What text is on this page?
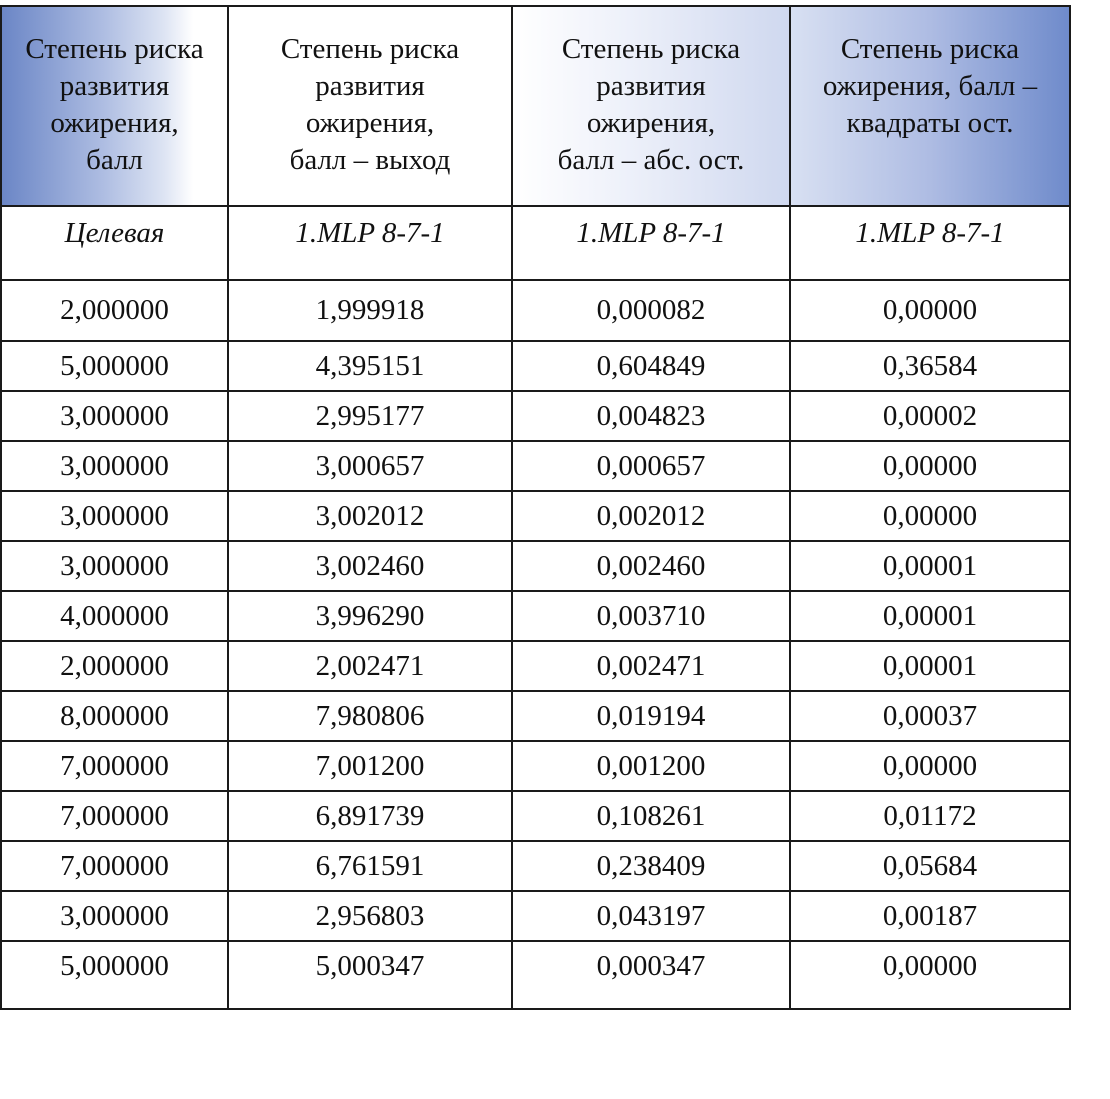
Степень риска
развития
ожирения,
балл	Степень риска
развития
ожирения,
балл – выход	Степень риска
развития
ожирения,
балл – абс. ост.	Степень риска
ожирения, балл –
квадраты ост.
Целевая	1.MLP 8-7-1	1.MLP 8-7-1	1.MLP 8-7-1
2,000000	1,999918	0,000082	0,00000
5,000000	4,395151	0,604849	0,36584
3,000000	2,995177	0,004823	0,00002
3,000000	3,000657	0,000657	0,00000
3,000000	3,002012	0,002012	0,00000
3,000000	3,002460	0,002460	0,00001
4,000000	3,996290	0,003710	0,00001
2,000000	2,002471	0,002471	0,00001
8,000000	7,980806	0,019194	0,00037
7,000000	7,001200	0,001200	0,00000
7,000000	6,891739	0,108261	0,01172
7,000000	6,761591	0,238409	0,05684
3,000000	2,956803	0,043197	0,00187
5,000000	5,000347	0,000347	0,00000
